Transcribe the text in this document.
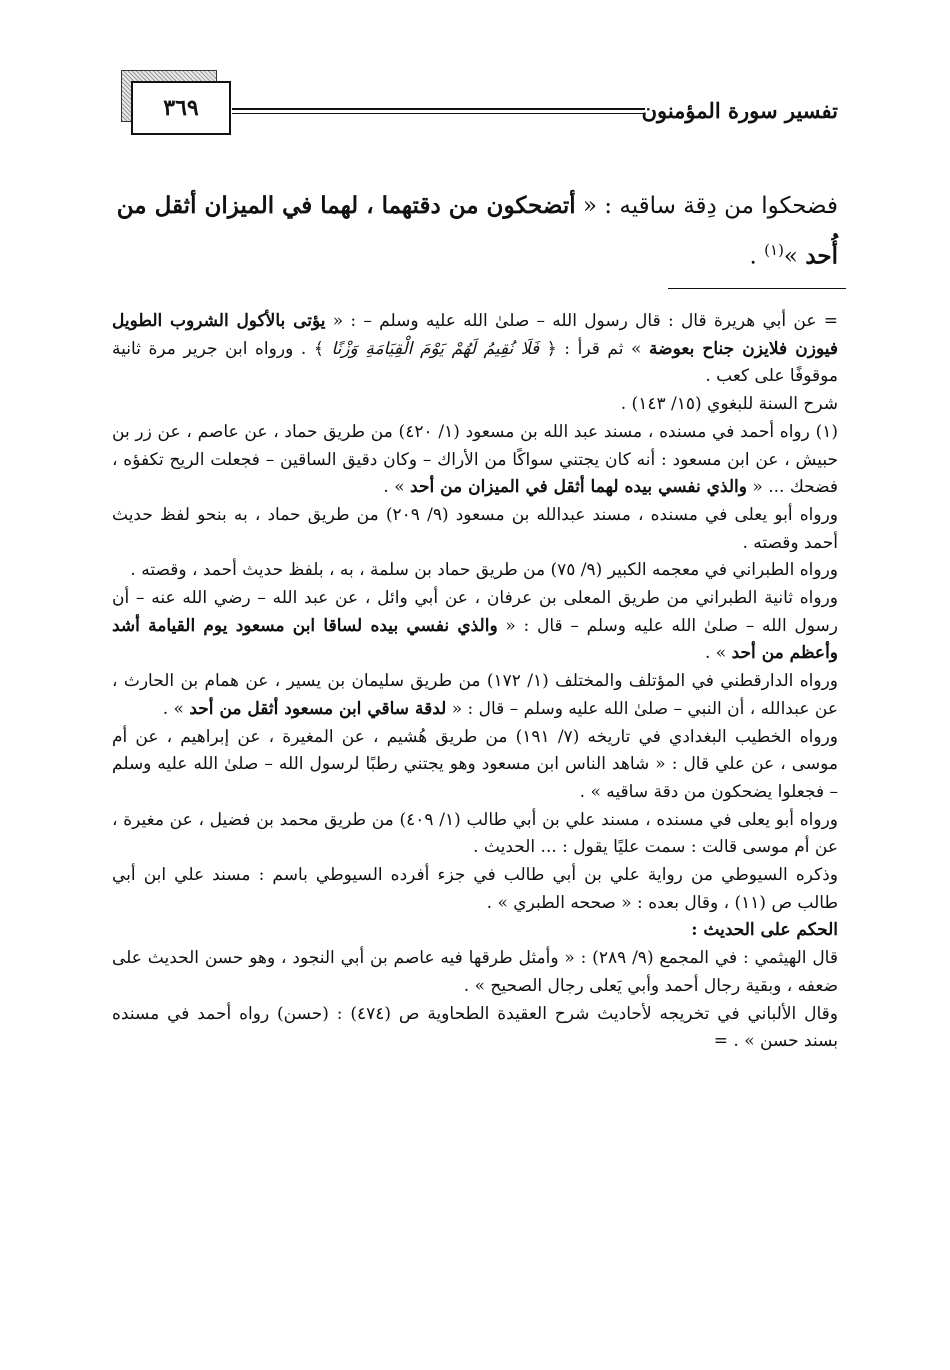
تفسير سورة المؤمنون
٣٦٩
فضحكوا من دِقة ساقيه : « أتضحكون من دقتهما ، لهما في الميزان أثقل من أُحد »$^{(١)}$ .

= عن أبي هريرة قال : قال رسول الله – صلىٰ الله عليه وسلم – : « يؤتى بالأكول الشروب الطويل فيوزن فلايزن جناح بعوضة » ثم قرأ : ﴿ فَلَا نُقِيمُ لَهُمْ يَوْمَ الْقِيَامَةِ وَزْنًا ﴾ . ورواه ابن جرير مرة ثانية موقوفًا على كعب .

شرح السنة للبغوي (١٥/ ١٤٣) .

(١) رواه أحمد في مسنده ، مسند عبد الله بن مسعود (١/ ٤٢٠) من طريق حماد ، عن عاصم ، عن زر بن حبيش ، عن ابن مسعود : أنه كان يجتني سواكًا من الأراك – وكان دقيق الساقين – فجعلت الريح تكفؤه ، فضحك ... « والذي نفسي بيده لهما أثقل في الميزان من أحد » .

ورواه أبو يعلى في مسنده ، مسند عبدالله بن مسعود (٩/ ٢٠٩) من طريق حماد ، به بنحو لفظ حديث أحمد وقصته .

ورواه الطبراني في معجمه الكبير (٩/ ٧٥) من طريق حماد بن سلمة ، به ، بلفظ حديث أحمد ، وقصته .

ورواه ثانية الطبراني من طريق المعلى بن عرفان ، عن أبي وائل ، عن عبد الله – رضي الله عنه – أن رسول الله – صلىٰ الله عليه وسلم – قال : « والذي نفسي بيده لساقا ابن مسعود يوم القيامة أشد وأعظم من أحد » .

ورواه الدارقطني في المؤتلف والمختلف (١/ ١٧٢) من طريق سليمان بن يسير ، عن همام بن الحارث ، عن عبدالله ، أن النبي – صلىٰ الله عليه وسلم – قال : « لدقة ساقي ابن مسعود أثقل من أحد » .

ورواه الخطيب البغدادي في تاريخه (٧/ ١٩١) من طريق هُشيم ، عن المغيرة ، عن إبراهيم ، عن أم موسى ، عن علي قال : « شاهد الناس ابن مسعود وهو يجتني رطبًا لرسول الله – صلىٰ الله عليه وسلم – فجعلوا يضحكون من دقة ساقيه » .

ورواه أبو يعلى في مسنده ، مسند علي بن أبي طالب (١/ ٤٠٩) من طريق محمد بن فضيل ، عن مغيرة ، عن أم موسى قالت : سمت عليًا يقول : ... الحديث .

وذكره السيوطي من رواية علي بن أبي طالب في جزء أفرده السيوطي باسم : مسند علي ابن أبي طالب ص (١١) ، وقال بعده : « صححه الطبري » .

الحكم على الحديث :

قال الهيثمي : في المجمع (٩/ ٢٨٩) : « وأمثل طرقها فيه عاصم بن أبي النجود ، وهو حسن الحديث على ضعفه ، وبقية رجال أحمد وأبي يَعلى رجال الصحيح » .

وقال الألباني في تخريجه لأحاديث شرح العقيدة الطحاوية ص (٤٧٤) : (حسن) رواه أحمد في مسنده بسند حسن » . =
